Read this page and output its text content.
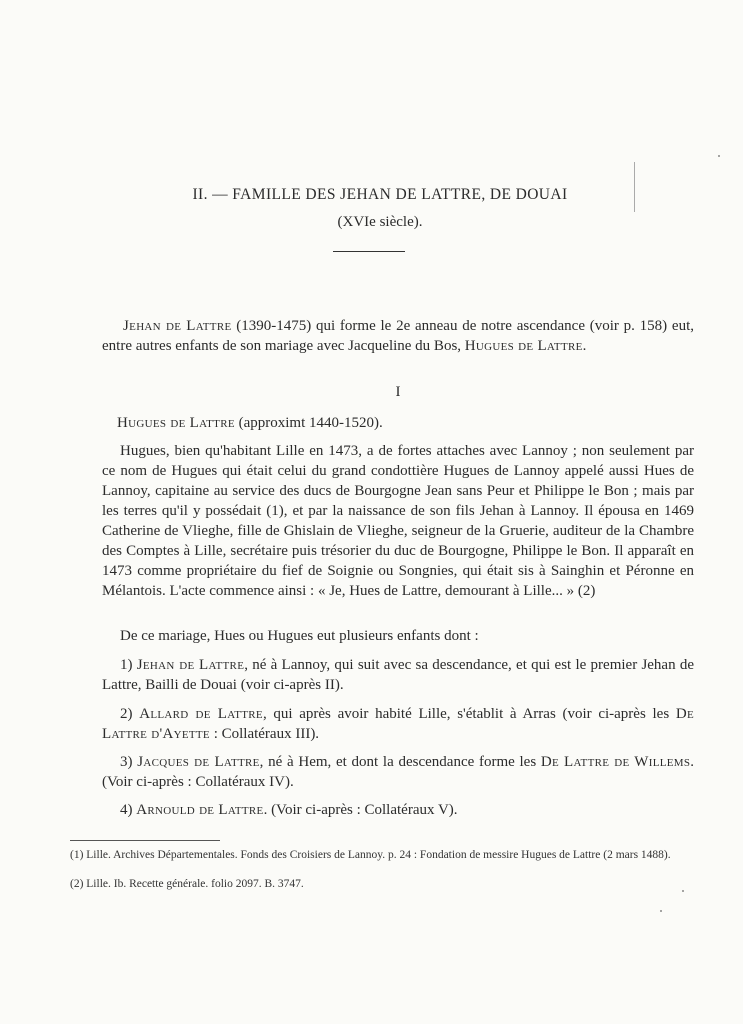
II. — FAMILLE DES JEHAN DE LATTRE, DE DOUAI
(XVIe siècle).
Jehan de Lattre (1390-1475) qui forme le 2e anneau de notre ascendance (voir p. 158) eut, entre autres enfants de son mariage avec Jacqueline du Bos, Hugues de Lattre.
I
Hugues de Lattre (approximt 1440-1520).
Hugues, bien qu'habitant Lille en 1473, a de fortes attaches avec Lannoy ; non seulement par ce nom de Hugues qui était celui du grand condottière Hugues de Lannoy appelé aussi Hues de Lannoy, capitaine au service des ducs de Bourgogne Jean sans Peur et Philippe le Bon ; mais par les terres qu'il y possédait (1), et par la naissance de son fils Jehan à Lannoy. Il épousa en 1469 Catherine de Vlieghe, fille de Ghislain de Vlieghe, seigneur de la Gruerie, auditeur de la Chambre des Comptes à Lille, secrétaire puis trésorier du duc de Bourgogne, Philippe le Bon. Il apparaît en 1473 comme propriétaire du fief de Soignie ou Songnies, qui était sis à Sainghin et Péronne en Mélantois. L'acte commence ainsi : « Je, Hues de Lattre, demourant à Lille... » (2)
De ce mariage, Hues ou Hugues eut plusieurs enfants dont :
1) Jehan de Lattre, né à Lannoy, qui suit avec sa descendance, et qui est le premier Jehan de Lattre, Bailli de Douai (voir ci-après II).
2) Allard de Lattre, qui après avoir habité Lille, s'établit à Arras (voir ci-après les De Lattre d'Ayette : Collatéraux III).
3) Jacques de Lattre, né à Hem, et dont la descendance forme les De Lattre de Willems. (Voir ci-après : Collatéraux IV).
4) Arnould de Lattre. (Voir ci-après : Collatéraux V).
(1) Lille. Archives Départementales. Fonds des Croisiers de Lannoy. p. 24 : Fondation de messire Hugues de Lattre (2 mars 1488).
(2) Lille. Ib. Recette générale. folio 2097. B. 3747.
